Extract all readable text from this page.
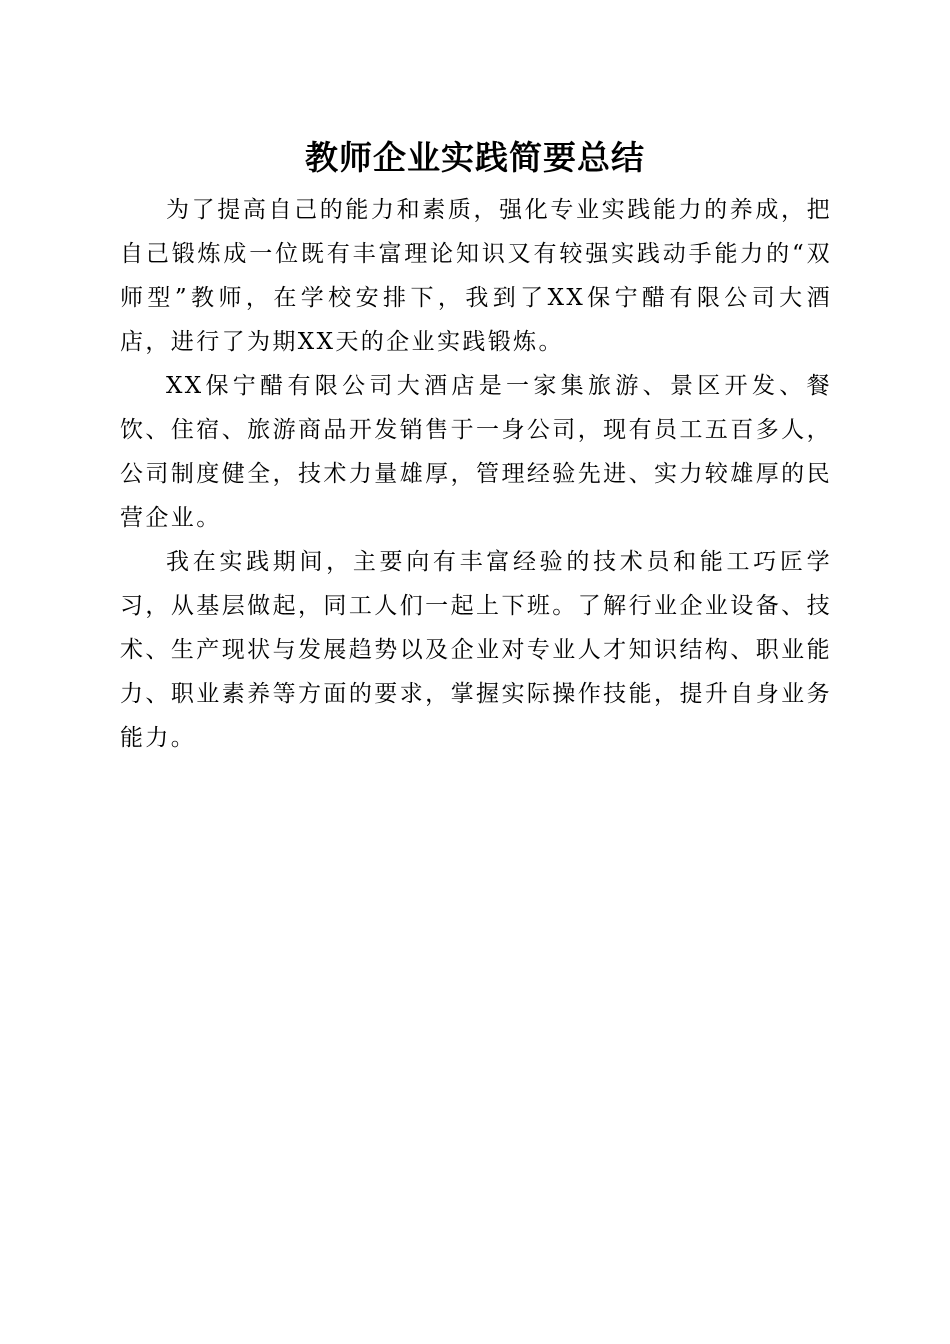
教师企业实践简要总结

为了提高自己的能力和素质，强化专业实践能力的养成，把自己锻炼成一位既有丰富理论知识又有较强实践动手能力的“双师型”教师，在学校安排下，我到了XX保宁醋有限公司大酒店，进行了为期XX天的企业实践锻炼。

XX保宁醋有限公司大酒店是一家集旅游、景区开发、餐饮、住宿、旅游商品开发销售于一身公司，现有员工五百多人，公司制度健全，技术力量雄厚，管理经验先进、实力较雄厚的民营企业。

我在实践期间，主要向有丰富经验的技术员和能工巧匠学习，从基层做起，同工人们一起上下班。了解行业企业设备、技术、生产现状与发展趋势以及企业对专业人才知识结构、职业能力、职业素养等方面的要求，掌握实际操作技能，提升自身业务能力。
